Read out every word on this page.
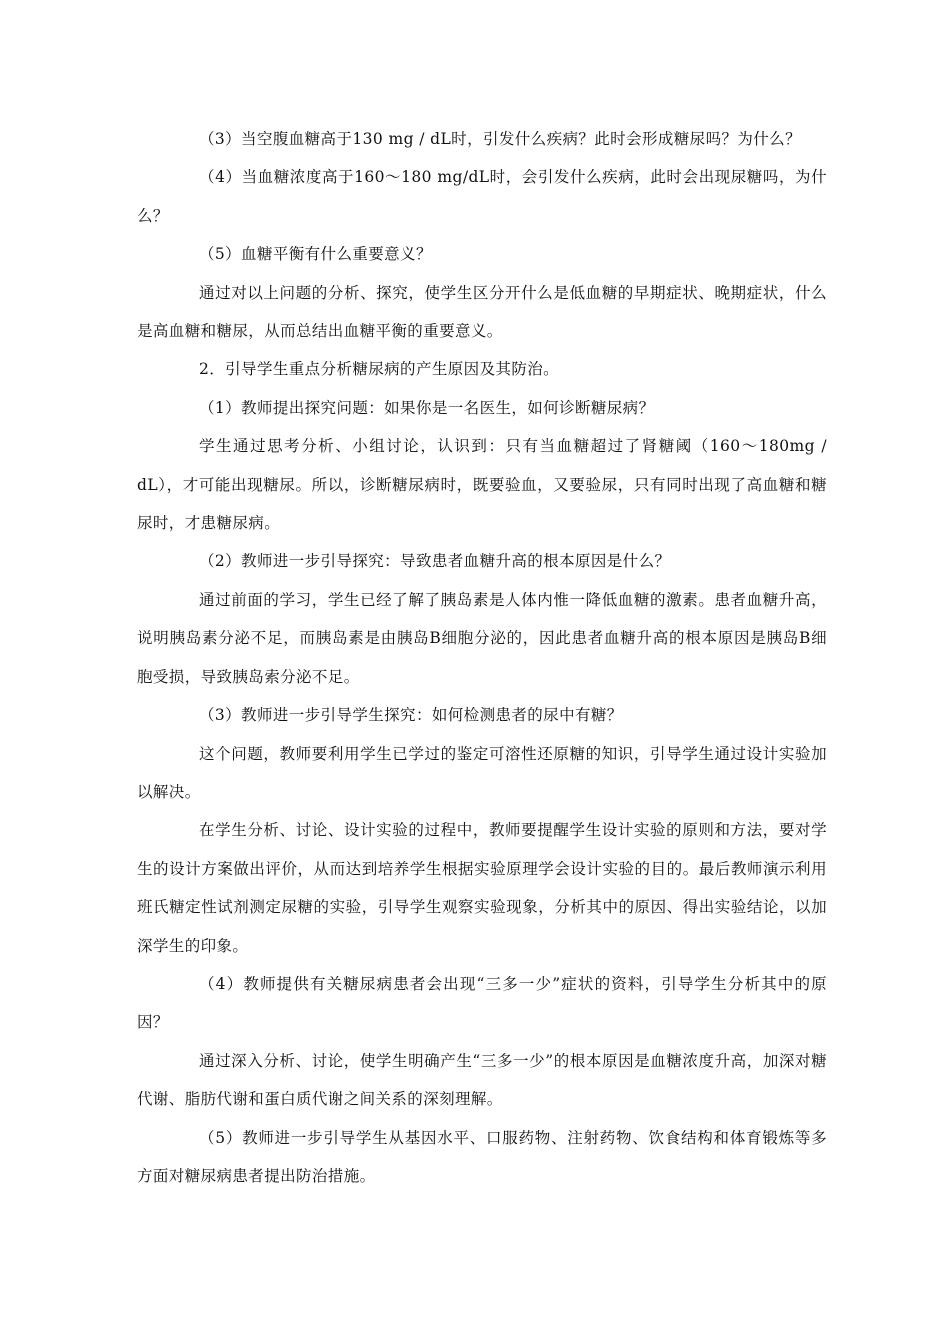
（3）当空腹血糖高于130 mg / dL时，引发什么疾病？此时会形成糖尿吗？为什么？

（4）当血糖浓度高于160～180 mg/dL时，会引发什么疾病，此时会出现尿糖吗，为什么？

（5）血糖平衡有什么重要意义？

通过对以上问题的分析、探究，使学生区分开什么是低血糖的早期症状、晚期症状，什么是高血糖和糖尿，从而总结出血糖平衡的重要意义。

2．引导学生重点分析糖尿病的产生原因及其防治。

（1）教师提出探究问题：如果你是一名医生，如何诊断糖尿病？

学生通过思考分析、小组讨论，认识到：只有当血糖超过了肾糖阈（160～180mg / dL），才可能出现糖尿。所以，诊断糖尿病时，既要验血，又要验尿，只有同时出现了高血糖和糖尿时，才患糖尿病。

（2）教师进一步引导探究：导致患者血糖升高的根本原因是什么？

通过前面的学习，学生已经了解了胰岛素是人体内惟一降低血糖的激素。患者血糖升高，说明胰岛素分泌不足，而胰岛素是由胰岛B细胞分泌的，因此患者血糖升高的根本原因是胰岛B细胞受损，导致胰岛索分泌不足。

（3）教师进一步引导学生探究：如何检测患者的尿中有糖？

这个问题，教师要利用学生已学过的鉴定可溶性还原糖的知识，引导学生通过设计实验加以解决。

在学生分析、讨论、设计实验的过程中，教师要提醒学生设计实验的原则和方法，要对学生的设计方案做出评价，从而达到培养学生根据实验原理学会设计实验的目的。最后教师演示利用班氏糖定性试剂测定尿糖的实验，引导学生观察实验现象，分析其中的原因、得出实验结论，以加深学生的印象。

（4）教师提供有关糖尿病患者会出现“三多一少”症状的资料，引导学生分析其中的原因？

通过深入分析、讨论，使学生明确产生“三多一少”的根本原因是血糖浓度升高，加深对糖代谢、脂肪代谢和蛋白质代谢之间关系的深刻理解。

（5）教师进一步引导学生从基因水平、口服药物、注射药物、饮食结构和体育锻炼等多方面对糖尿病患者提出防治措施。
